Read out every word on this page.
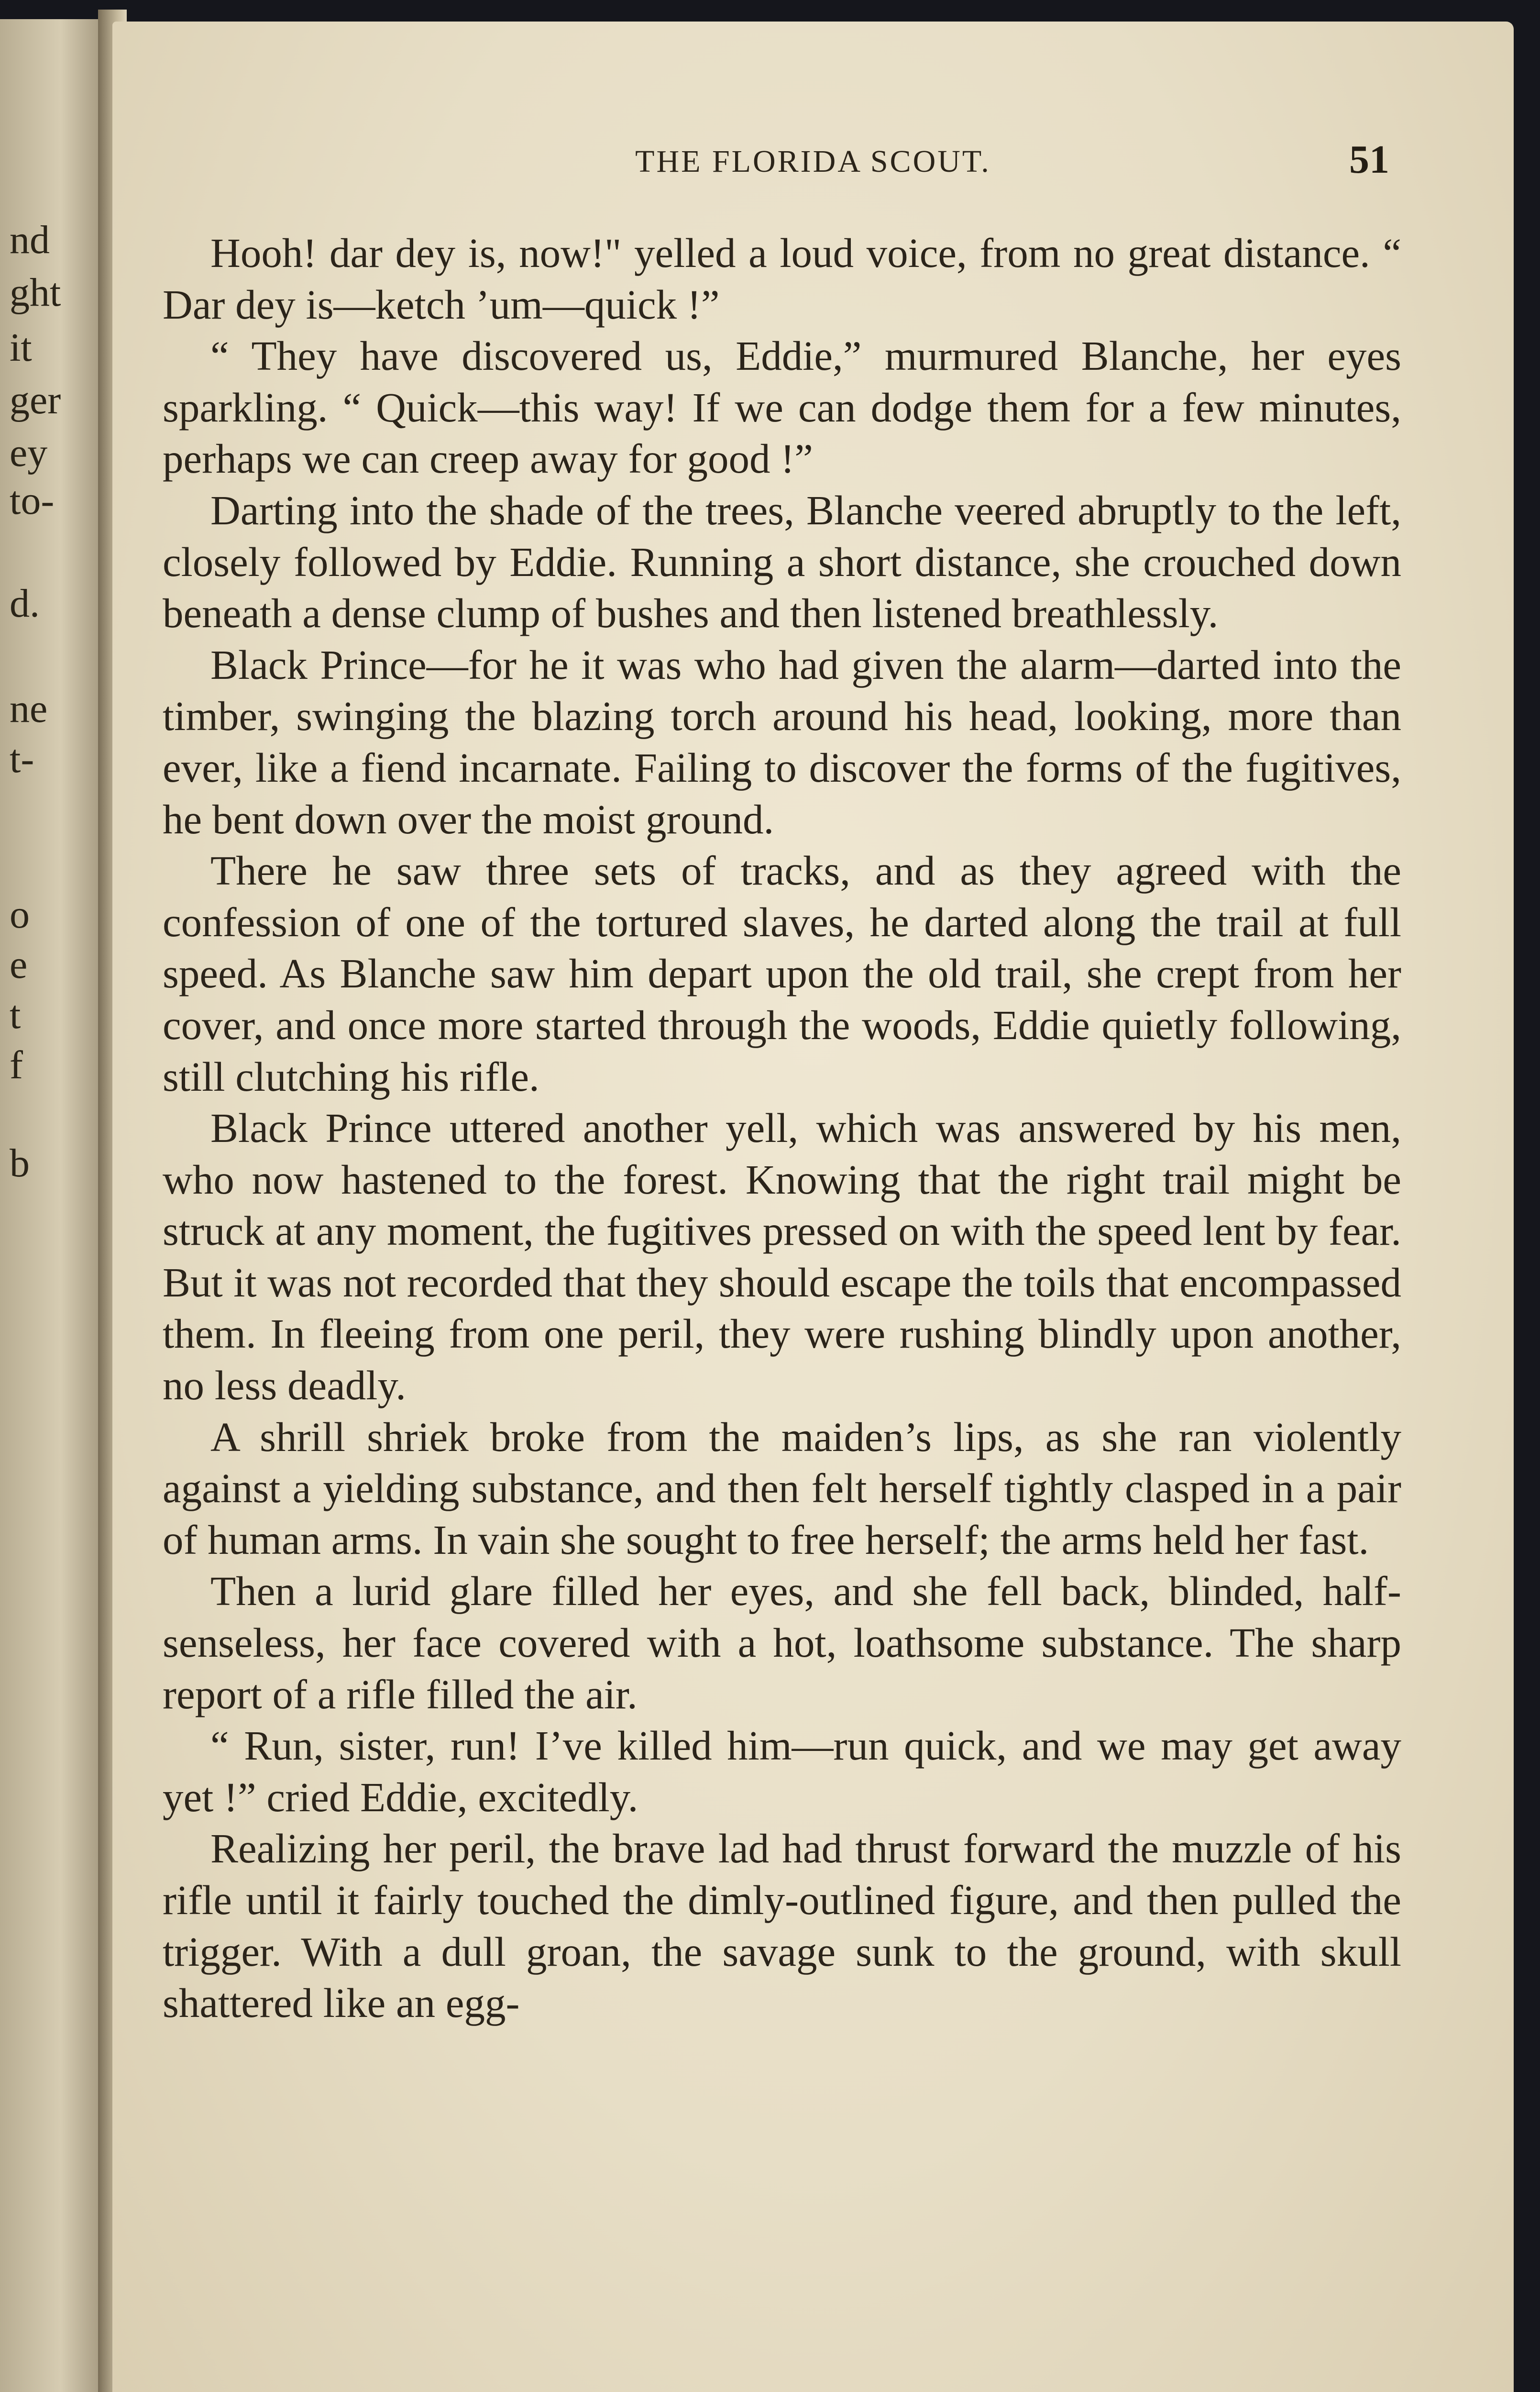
nd
ght
it
ger
ey
to-
d.
ne
t-
o
e
t
f
b
THE FLORIDA SCOUT.	51

Hooh! dar dey is, now!" yelled a loud voice, from no great distance. “ Dar dey is—ketch ’um—quick !”

“ They have discovered us, Eddie,” murmured Blanche, her eyes sparkling. “ Quick—this way! If we can dodge them for a few minutes, perhaps we can creep away for good !”

Darting into the shade of the trees, Blanche veered abruptly to the left, closely followed by Eddie. Running a short distance, she crouched down beneath a dense clump of bushes and then listened breathlessly.

Black Prince—for he it was who had given the alarm—darted into the timber, swinging the blazing torch around his head, looking, more than ever, like a fiend incarnate. Failing to discover the forms of the fugitives, he bent down over the moist ground.

There he saw three sets of tracks, and as they agreed with the confession of one of the tortured slaves, he darted along the trail at full speed. As Blanche saw him depart upon the old trail, she crept from her cover, and once more started through the woods, Eddie quietly following, still clutching his rifle.

Black Prince uttered another yell, which was answered by his men, who now hastened to the forest. Knowing that the right trail might be struck at any moment, the fugitives pressed on with the speed lent by fear. But it was not recorded that they should escape the toils that encompassed them. In fleeing from one peril, they were rushing blindly upon another, no less deadly.

A shrill shriek broke from the maiden’s lips, as she ran violently against a yielding substance, and then felt herself tightly clasped in a pair of human arms. In vain she sought to free herself; the arms held her fast.

Then a lurid glare filled her eyes, and she fell back, blinded, half-senseless, her face covered with a hot, loathsome substance. The sharp report of a rifle filled the air.

“ Run, sister, run! I’ve killed him—run quick, and we may get away yet !” cried Eddie, excitedly.

Realizing her peril, the brave lad had thrust forward the muzzle of his rifle until it fairly touched the dimly-outlined figure, and then pulled the trigger. With a dull groan, the savage sunk to the ground, with skull shattered like an egg-
